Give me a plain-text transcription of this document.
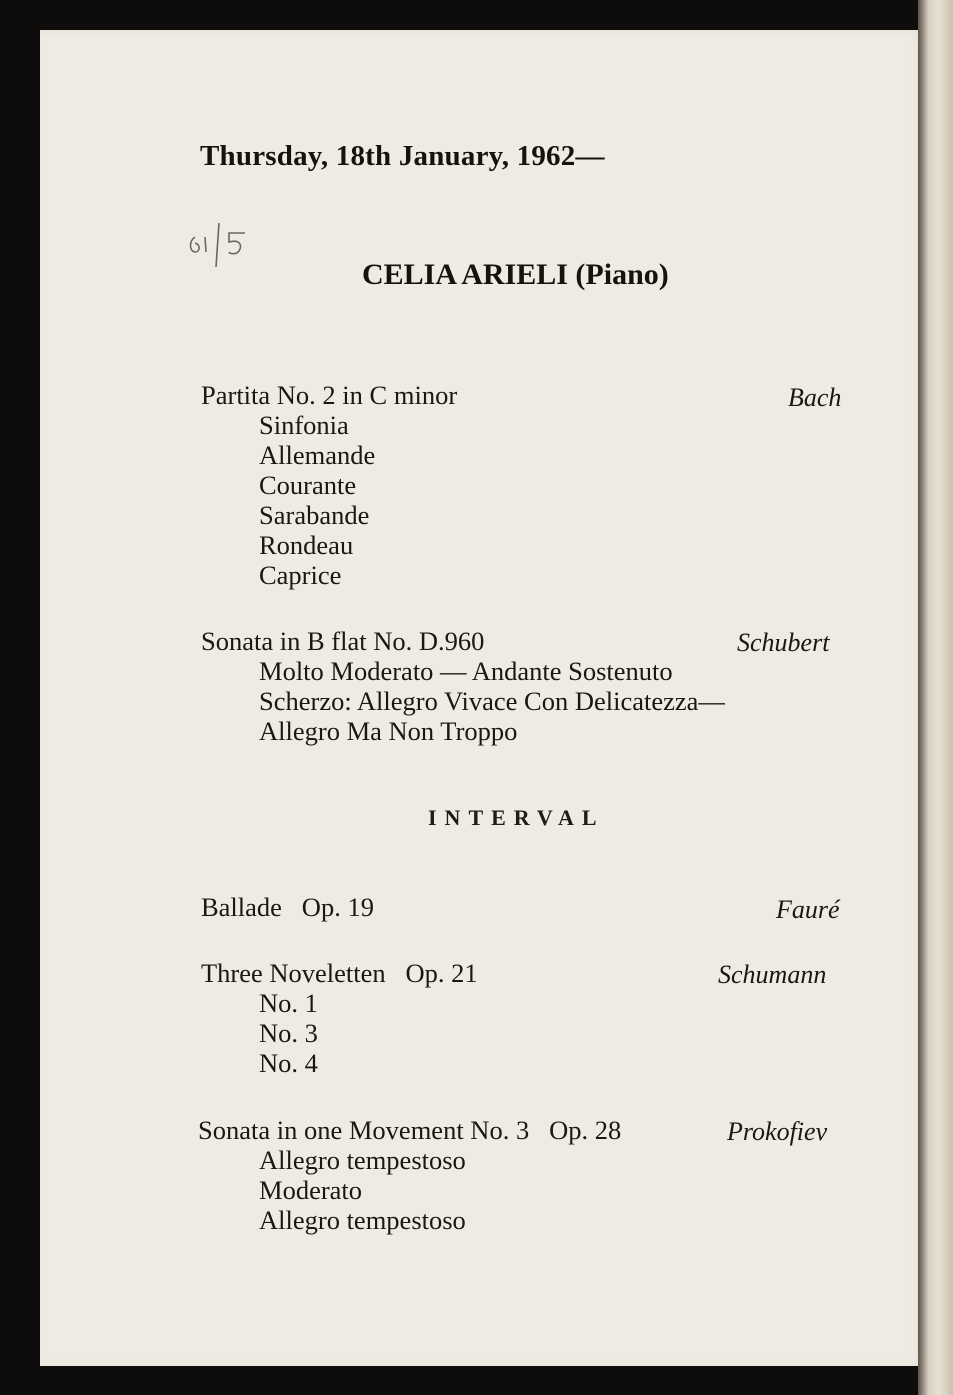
Thursday, 18th January, 1962—
CELIA ARIELI (Piano)
Partita No. 2 in C minor	Bach
Sinfonia
Allemande
Courante
Sarabande
Rondeau
Caprice
Sonata in B flat No. D.960	Schubert
Molto Moderato — Andante Sostenuto
Scherzo: Allegro Vivace Con Delicatezza—
Allegro Ma Non Troppo
INTERVAL
Ballade   Op. 19	Fauré
Three Noveletten   Op. 21	Schumann
No. 1
No. 3
No. 4
Sonata in one Movement No. 3   Op. 28	Prokofiev
Allegro tempestoso
Moderato
Allegro tempestoso
